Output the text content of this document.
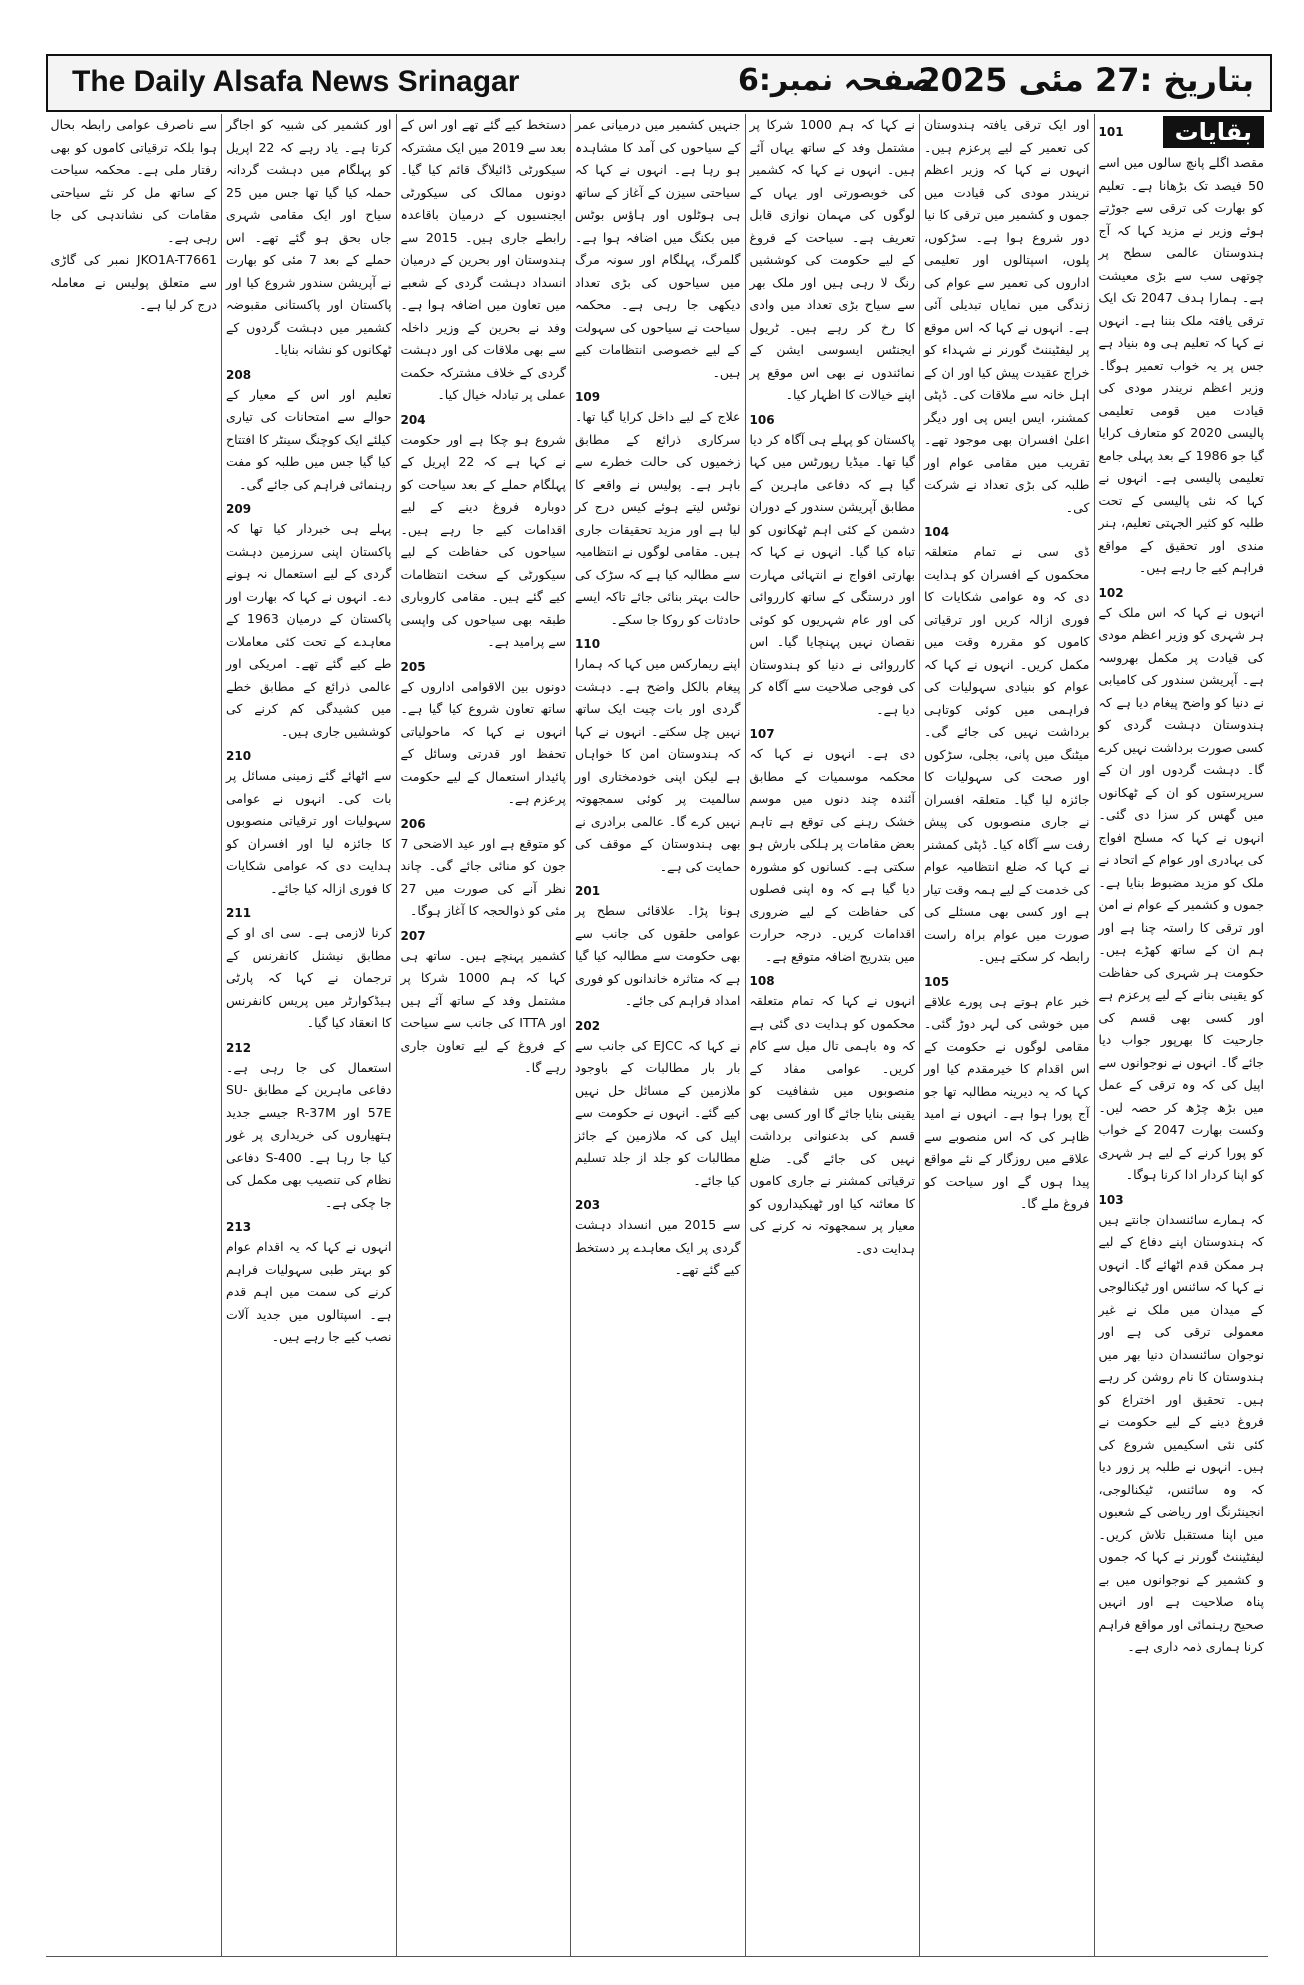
The Daily Alsafa News Srinagar	صفحہ نمبر:6
بتاریخ :27 مئی 2025
بقایات
101

مقصد اگلے پانچ سالوں میں اسے 50 فیصد تک بڑھانا ہے۔ تعلیم کو بھارت کی ترقی سے جوڑتے ہوئے وزیر نے مزید کہا کہ آج ہندوستان عالمی سطح پر چوتھی سب سے بڑی معیشت ہے۔ ہمارا ہدف 2047 تک ایک ترقی یافتہ ملک بننا ہے۔ انہوں نے کہا کہ تعلیم ہی وہ بنیاد ہے جس پر یہ خواب تعمیر ہوگا۔ وزیر اعظم نریندر مودی کی قیادت میں قومی تعلیمی پالیسی 2020 کو متعارف کرایا گیا جو 1986 کے بعد پہلی جامع تعلیمی پالیسی ہے۔ انہوں نے کہا کہ نئی پالیسی کے تحت طلبہ کو کثیر الجہتی تعلیم، ہنر مندی اور تحقیق کے مواقع فراہم کیے جا رہے ہیں۔

102

انہوں نے کہا کہ اس ملک کے ہر شہری کو وزیر اعظم مودی کی قیادت پر مکمل بھروسہ ہے۔ آپریشن سندور کی کامیابی نے دنیا کو واضح پیغام دیا ہے کہ ہندوستان دہشت گردی کو کسی صورت برداشت نہیں کرے گا۔ دہشت گردوں اور ان کے سرپرستوں کو ان کے ٹھکانوں میں گھس کر سزا دی گئی۔ انہوں نے کہا کہ مسلح افواج کی بہادری اور عوام کے اتحاد نے ملک کو مزید مضبوط بنایا ہے۔ جموں و کشمیر کے عوام نے امن اور ترقی کا راستہ چنا ہے اور ہم ان کے ساتھ کھڑے ہیں۔ حکومت ہر شہری کی حفاظت کو یقینی بنانے کے لیے پرعزم ہے اور کسی بھی قسم کی جارحیت کا بھرپور جواب دیا جائے گا۔ انہوں نے نوجوانوں سے اپیل کی کہ وہ ترقی کے عمل میں بڑھ چڑھ کر حصہ لیں۔ وکست بھارت 2047 کے خواب کو پورا کرنے کے لیے ہر شہری کو اپنا کردار ادا کرنا ہوگا۔

103

کہ ہمارے سائنسدان جانتے ہیں کہ ہندوستان اپنے دفاع کے لیے ہر ممکن قدم اٹھائے گا۔ انہوں نے کہا کہ سائنس اور ٹیکنالوجی کے میدان میں ملک نے غیر معمولی ترقی کی ہے اور نوجوان سائنسدان دنیا بھر میں ہندوستان کا نام روشن کر رہے ہیں۔ تحقیق اور اختراع کو فروغ دینے کے لیے حکومت نے کئی نئی اسکیمیں شروع کی ہیں۔ انہوں نے طلبہ پر زور دیا کہ وہ سائنس، ٹیکنالوجی، انجینئرنگ اور ریاضی کے شعبوں میں اپنا مستقبل تلاش کریں۔ لیفٹیننٹ گورنر نے کہا کہ جموں و کشمیر کے نوجوانوں میں بے پناہ صلاحیت ہے اور انہیں صحیح رہنمائی اور مواقع فراہم کرنا ہماری ذمہ داری ہے۔

اور ایک ترقی یافتہ ہندوستان کی تعمیر کے لیے پرعزم ہیں۔ انہوں نے کہا کہ وزیر اعظم نریندر مودی کی قیادت میں جموں و کشمیر میں ترقی کا نیا دور شروع ہوا ہے۔ سڑکوں، پلوں، اسپتالوں اور تعلیمی اداروں کی تعمیر سے عوام کی زندگی میں نمایاں تبدیلی آئی ہے۔ انہوں نے کہا کہ اس موقع پر لیفٹیننٹ گورنر نے شہداء کو خراج عقیدت پیش کیا اور ان کے اہل خانہ سے ملاقات کی۔ ڈپٹی کمشنر، ایس ایس پی اور دیگر اعلیٰ افسران بھی موجود تھے۔ تقریب میں مقامی عوام اور طلبہ کی بڑی تعداد نے شرکت کی۔

104

ڈی سی نے تمام متعلقہ محکموں کے افسران کو ہدایت دی کہ وہ عوامی شکایات کا فوری ازالہ کریں اور ترقیاتی کاموں کو مقررہ وقت میں مکمل کریں۔ انہوں نے کہا کہ عوام کو بنیادی سہولیات کی فراہمی میں کوئی کوتاہی برداشت نہیں کی جائے گی۔ میٹنگ میں پانی، بجلی، سڑکوں اور صحت کی سہولیات کا جائزہ لیا گیا۔ متعلقہ افسران نے جاری منصوبوں کی پیش رفت سے آگاہ کیا۔ ڈپٹی کمشنر نے کہا کہ ضلع انتظامیہ عوام کی خدمت کے لیے ہمہ وقت تیار ہے اور کسی بھی مسئلے کی صورت میں عوام براہ راست رابطہ کر سکتے ہیں۔

105

خبر عام ہوتے ہی پورے علاقے میں خوشی کی لہر دوڑ گئی۔ مقامی لوگوں نے حکومت کے اس اقدام کا خیرمقدم کیا اور کہا کہ یہ دیرینہ مطالبہ تھا جو آج پورا ہوا ہے۔ انہوں نے امید ظاہر کی کہ اس منصوبے سے علاقے میں روزگار کے نئے مواقع پیدا ہوں گے اور سیاحت کو فروغ ملے گا۔

نے کہا کہ ہم 1000 شرکا پر مشتمل وفد کے ساتھ یہاں آئے ہیں۔ انہوں نے کہا کہ کشمیر کی خوبصورتی اور یہاں کے لوگوں کی مہمان نوازی قابل تعریف ہے۔ سیاحت کے فروغ کے لیے حکومت کی کوششیں رنگ لا رہی ہیں اور ملک بھر سے سیاح بڑی تعداد میں وادی کا رخ کر رہے ہیں۔ ٹریول ایجنٹس ایسوسی ایشن کے نمائندوں نے بھی اس موقع پر اپنے خیالات کا اظہار کیا۔

106

پاکستان کو پہلے ہی آگاہ کر دیا گیا تھا۔ میڈیا رپورٹس میں کہا گیا ہے کہ دفاعی ماہرین کے مطابق آپریشن سندور کے دوران دشمن کے کئی اہم ٹھکانوں کو تباہ کیا گیا۔ انہوں نے کہا کہ بھارتی افواج نے انتہائی مہارت اور درستگی کے ساتھ کارروائی کی اور عام شہریوں کو کوئی نقصان نہیں پہنچایا گیا۔ اس کارروائی نے دنیا کو ہندوستان کی فوجی صلاحیت سے آگاہ کر دیا ہے۔

107

دی ہے۔ انہوں نے کہا کہ محکمہ موسمیات کے مطابق آئندہ چند دنوں میں موسم خشک رہنے کی توقع ہے تاہم بعض مقامات پر ہلکی بارش ہو سکتی ہے۔ کسانوں کو مشورہ دیا گیا ہے کہ وہ اپنی فصلوں کی حفاظت کے لیے ضروری اقدامات کریں۔ درجہ حرارت میں بتدریج اضافہ متوقع ہے۔

108

انہوں نے کہا کہ تمام متعلقہ محکموں کو ہدایت دی گئی ہے کہ وہ باہمی تال میل سے کام کریں۔ عوامی مفاد کے منصوبوں میں شفافیت کو یقینی بنایا جائے گا اور کسی بھی قسم کی بدعنوانی برداشت نہیں کی جائے گی۔ ضلع ترقیاتی کمشنر نے جاری کاموں کا معائنہ کیا اور ٹھیکیداروں کو معیار پر سمجھوتہ نہ کرنے کی ہدایت دی۔

جنہیں کشمیر میں درمیانی عمر کے سیاحوں کی آمد کا مشاہدہ ہو رہا ہے۔ انہوں نے کہا کہ سیاحتی سیزن کے آغاز کے ساتھ ہی ہوٹلوں اور ہاؤس بوٹس میں بکنگ میں اضافہ ہوا ہے۔ گلمرگ، پہلگام اور سونہ مرگ میں سیاحوں کی بڑی تعداد دیکھی جا رہی ہے۔ محکمہ سیاحت نے سیاحوں کی سہولت کے لیے خصوصی انتظامات کیے ہیں۔

109

علاج کے لیے داخل کرایا گیا تھا۔ سرکاری ذرائع کے مطابق زخمیوں کی حالت خطرے سے باہر ہے۔ پولیس نے واقعے کا نوٹس لیتے ہوئے کیس درج کر لیا ہے اور مزید تحقیقات جاری ہیں۔ مقامی لوگوں نے انتظامیہ سے مطالبہ کیا ہے کہ سڑک کی حالت بہتر بنائی جائے تاکہ ایسے حادثات کو روکا جا سکے۔

110

اپنے ریمارکس میں کہا کہ ہمارا پیغام بالکل واضح ہے۔ دہشت گردی اور بات چیت ایک ساتھ نہیں چل سکتے۔ انہوں نے کہا کہ ہندوستان امن کا خواہاں ہے لیکن اپنی خودمختاری اور سالمیت پر کوئی سمجھوتہ نہیں کرے گا۔ عالمی برادری نے بھی ہندوستان کے موقف کی حمایت کی ہے۔

201

ہونا پڑا۔ علاقائی سطح پر عوامی حلقوں کی جانب سے بھی حکومت سے مطالبہ کیا گیا ہے کہ متاثرہ خاندانوں کو فوری امداد فراہم کی جائے۔

202

نے کہا کہ EJCC کی جانب سے بار بار مطالبات کے باوجود ملازمین کے مسائل حل نہیں کیے گئے۔ انہوں نے حکومت سے اپیل کی کہ ملازمین کے جائز مطالبات کو جلد از جلد تسلیم کیا جائے۔

203

سے 2015 میں انسداد دہشت گردی پر ایک معاہدے پر دستخط کیے گئے تھے۔

دستخط کیے گئے تھے اور اس کے بعد سے 2019 میں ایک مشترکہ سیکورٹی ڈائیلاگ قائم کیا گیا۔ دونوں ممالک کی سیکورٹی ایجنسیوں کے درمیان باقاعدہ رابطے جاری ہیں۔ 2015 سے ہندوستان اور بحرین کے درمیان انسداد دہشت گردی کے شعبے میں تعاون میں اضافہ ہوا ہے۔ وفد نے بحرین کے وزیر داخلہ سے بھی ملاقات کی اور دہشت گردی کے خلاف مشترکہ حکمت عملی پر تبادلہ خیال کیا۔

204

شروع ہو چکا ہے اور حکومت نے کہا ہے کہ 22 اپریل کے پہلگام حملے کے بعد سیاحت کو دوبارہ فروغ دینے کے لیے اقدامات کیے جا رہے ہیں۔ سیاحوں کی حفاظت کے لیے سیکورٹی کے سخت انتظامات کیے گئے ہیں۔ مقامی کاروباری طبقہ بھی سیاحوں کی واپسی سے پرامید ہے۔

205

دونوں بین الاقوامی اداروں کے ساتھ تعاون شروع کیا گیا ہے۔ انہوں نے کہا کہ ماحولیاتی تحفظ اور قدرتی وسائل کے پائیدار استعمال کے لیے حکومت پرعزم ہے۔

206

کو متوقع ہے اور عید الاضحی 7 جون کو منائی جائے گی۔ چاند نظر آنے کی صورت میں 27 مئی کو ذوالحجہ کا آغاز ہوگا۔

207

کشمیر پہنچے ہیں۔ ساتھ ہی کہا کہ ہم 1000 شرکا پر مشتمل وفد کے ساتھ آئے ہیں اور ITTA کی جانب سے سیاحت کے فروغ کے لیے تعاون جاری رہے گا۔

اور کشمیر کی شبیہ کو اجاگر کرتا ہے۔ یاد رہے کہ 22 اپریل کو پہلگام میں دہشت گردانہ حملہ کیا گیا تھا جس میں 25 سیاح اور ایک مقامی شہری جاں بحق ہو گئے تھے۔ اس حملے کے بعد 7 مئی کو بھارت نے آپریشن سندور شروع کیا اور پاکستان اور پاکستانی مقبوضہ کشمیر میں دہشت گردوں کے ٹھکانوں کو نشانہ بنایا۔

208

تعلیم اور اس کے معیار کے حوالے سے امتحانات کی تیاری کیلئے ایک کوچنگ سینٹر کا افتتاح کیا گیا جس میں طلبہ کو مفت رہنمائی فراہم کی جائے گی۔

209

پہلے ہی خبردار کیا تھا کہ پاکستان اپنی سرزمین دہشت گردی کے لیے استعمال نہ ہونے دے۔ انہوں نے کہا کہ بھارت اور پاکستان کے درمیان 1963 کے معاہدے کے تحت کئی معاملات طے کیے گئے تھے۔ امریکی اور عالمی ذرائع کے مطابق خطے میں کشیدگی کم کرنے کی کوششیں جاری ہیں۔

210

سے اٹھائے گئے زمینی مسائل پر بات کی۔ انہوں نے عوامی سہولیات اور ترقیاتی منصوبوں کا جائزہ لیا اور افسران کو ہدایت دی کہ عوامی شکایات کا فوری ازالہ کیا جائے۔

211

کرنا لازمی ہے۔ سی ای او کے مطابق نیشنل کانفرنس کے ترجمان نے کہا کہ پارٹی ہیڈکوارٹر میں پریس کانفرنس کا انعقاد کیا گیا۔

212

استعمال کی جا رہی ہے۔ دفاعی ماہرین کے مطابق SU-57E اور R-37M جیسے جدید ہتھیاروں کی خریداری پر غور کیا جا رہا ہے۔ S-400 دفاعی نظام کی تنصیب بھی مکمل کی جا چکی ہے۔

213

انہوں نے کہا کہ یہ اقدام عوام کو بہتر طبی سہولیات فراہم کرنے کی سمت میں اہم قدم ہے۔ اسپتالوں میں جدید آلات نصب کیے جا رہے ہیں۔

سے ناصرف عوامی رابطہ بحال ہوا بلکہ ترقیاتی کاموں کو بھی رفتار ملی ہے۔ محکمہ سیاحت کے ساتھ مل کر نئے سیاحتی مقامات کی نشاندہی کی جا رہی ہے۔

JKO1A-T7661 نمبر کی گاڑی سے متعلق پولیس نے معاملہ درج کر لیا ہے۔
